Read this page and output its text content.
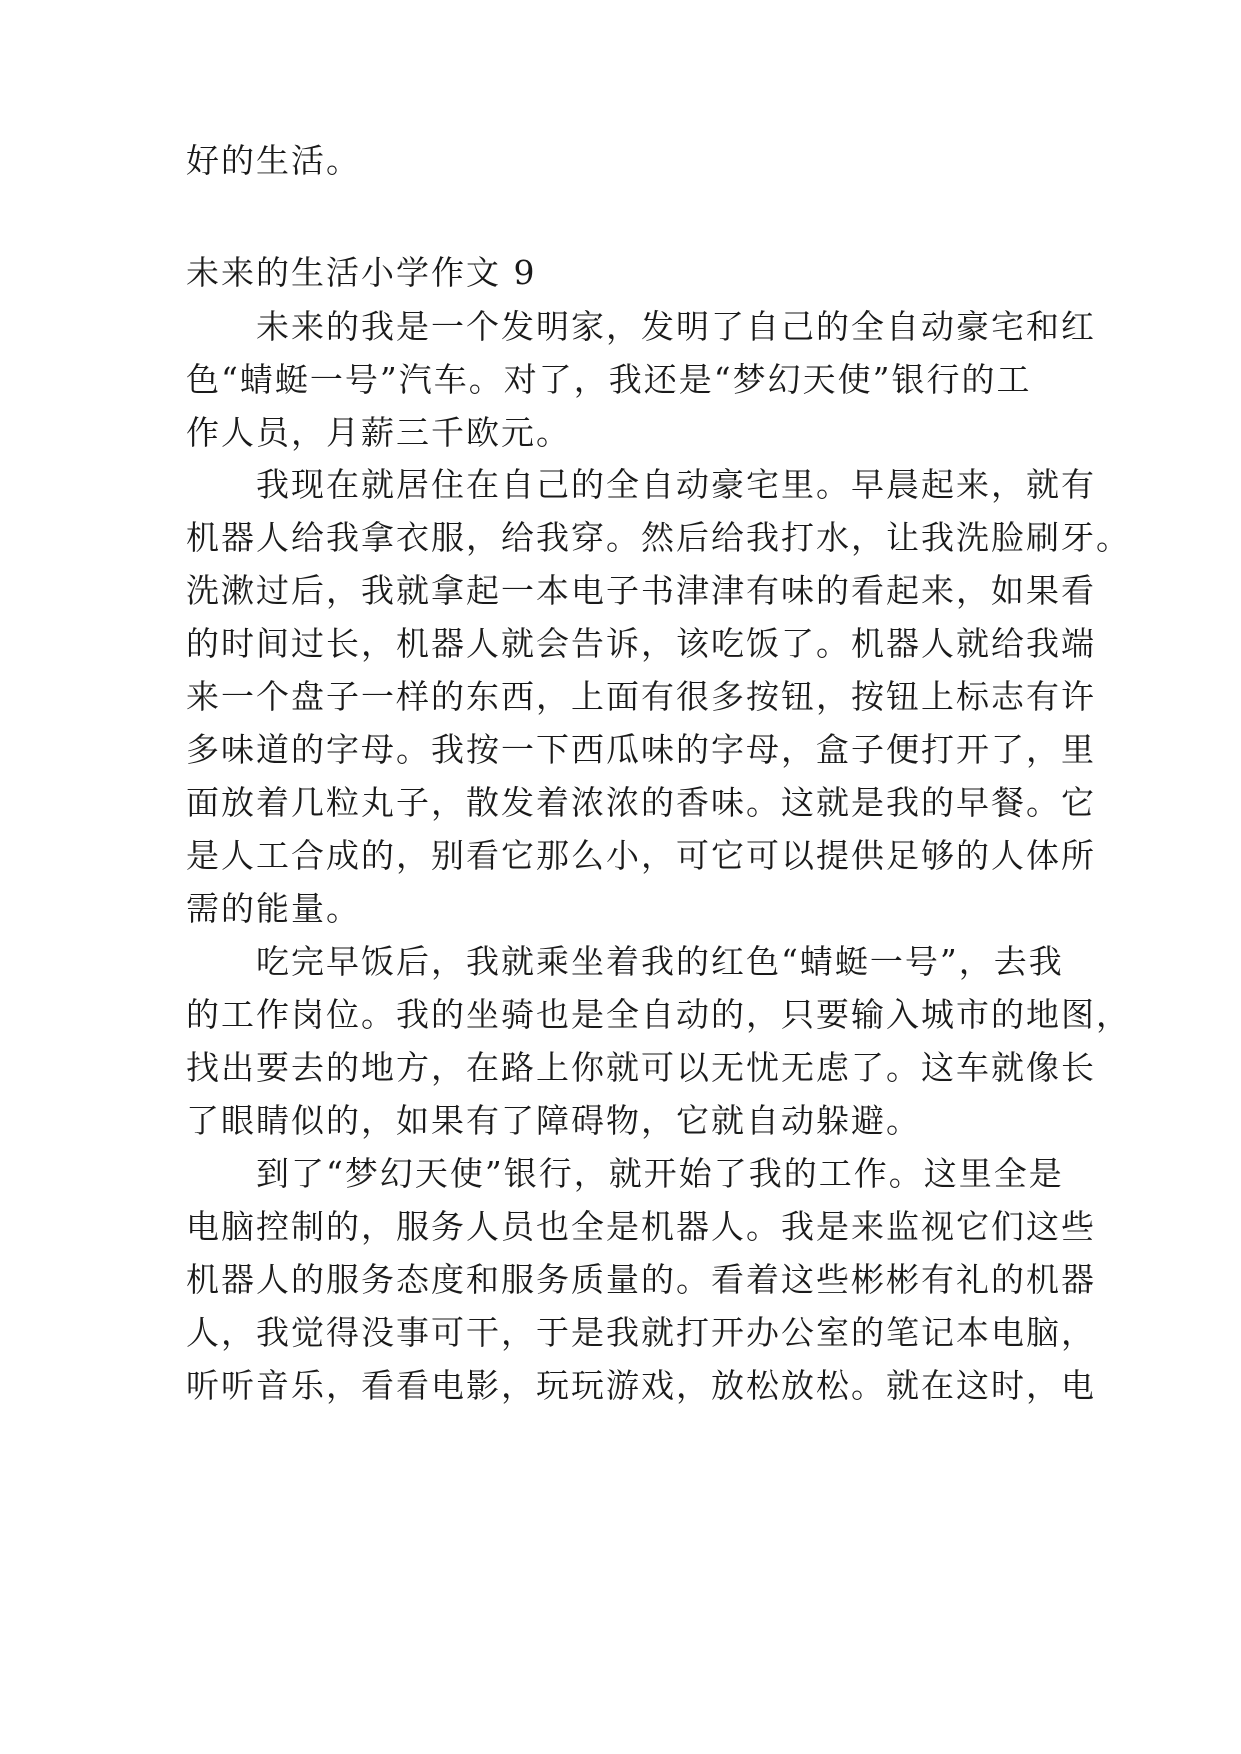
好的生活。
未来的生活小学作文 9
未来的我是一个发明家，发明了自己的全自动豪宅和红
色“蜻蜓一号”汽车。对了，我还是“梦幻天使”银行的工
作人员，月薪三千欧元。
我现在就居住在自己的全自动豪宅里。早晨起来，就有
机器人给我拿衣服，给我穿。然后给我打水，让我洗脸刷牙。
洗漱过后，我就拿起一本电子书津津有味的看起来，如果看
的时间过长，机器人就会告诉，该吃饭了。机器人就给我端
来一个盘子一样的东西，上面有很多按钮，按钮上标志有许
多味道的字母。我按一下西瓜味的字母，盒子便打开了，里
面放着几粒丸子，散发着浓浓的香味。这就是我的早餐。它
是人工合成的，别看它那么小，可它可以提供足够的人体所
需的能量。
吃完早饭后，我就乘坐着我的红色“蜻蜓一号”，去我
的工作岗位。我的坐骑也是全自动的，只要输入城市的地图，
找出要去的地方，在路上你就可以无忧无虑了。这车就像长
了眼睛似的，如果有了障碍物，它就自动躲避。
到了“梦幻天使”银行，就开始了我的工作。这里全是
电脑控制的，服务人员也全是机器人。我是来监视它们这些
机器人的服务态度和服务质量的。看着这些彬彬有礼的机器
人，我觉得没事可干，于是我就打开办公室的笔记本电脑，
听听音乐，看看电影，玩玩游戏，放松放松。就在这时，电
